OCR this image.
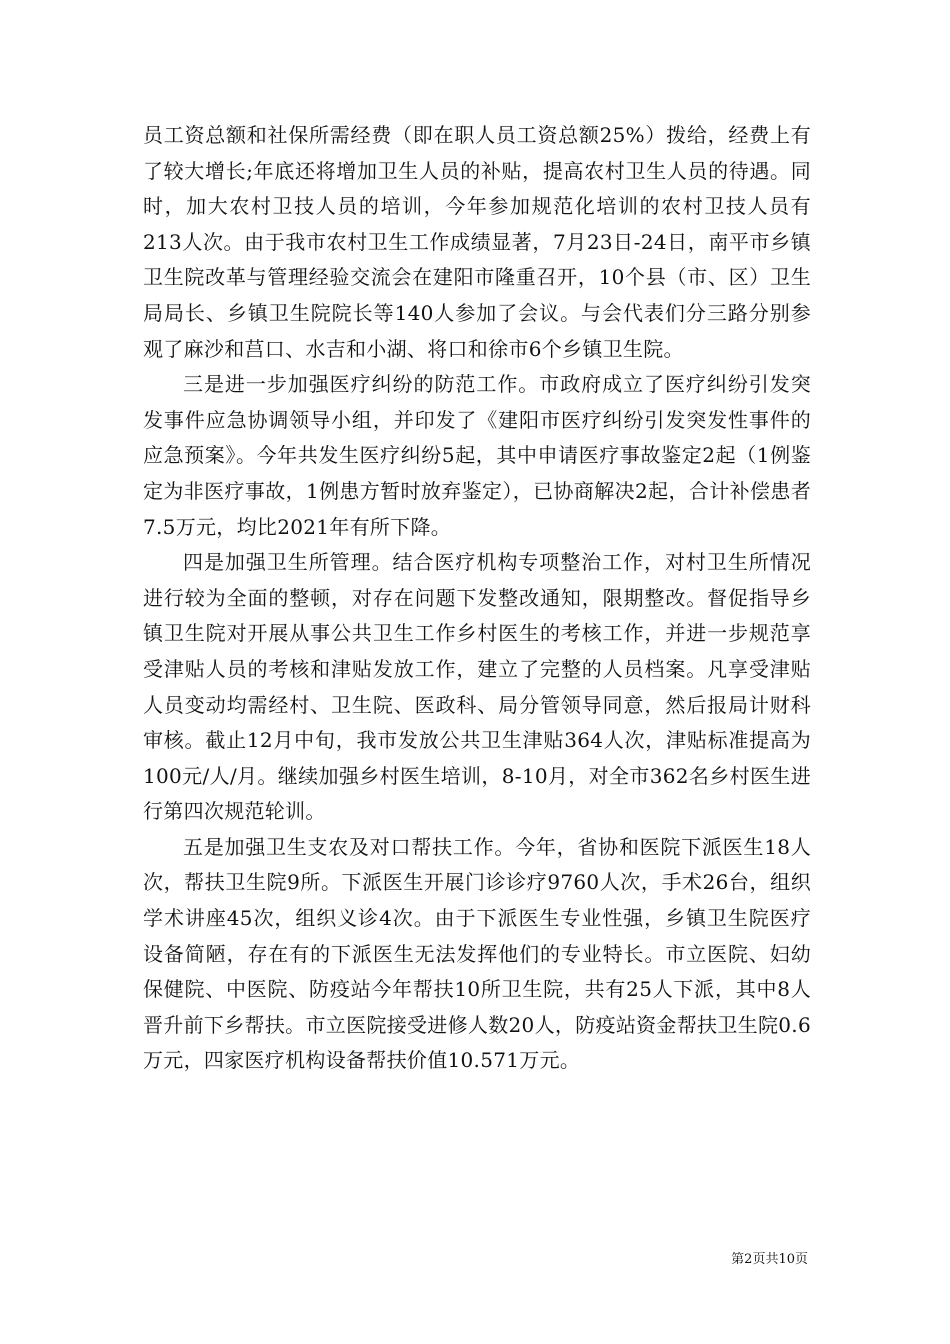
员工资总额和社保所需经费（即在职人员工资总额25%）拨给，经费上有了较大增长;年底还将增加卫生人员的补贴，提高农村卫生人员的待遇。同时，加大农村卫技人员的培训，今年参加规范化培训的农村卫技人员有213人次。由于我市农村卫生工作成绩显著，7月23日-24日，南平市乡镇卫生院改革与管理经验交流会在建阳市隆重召开，10个县（市、区）卫生局局长、乡镇卫生院院长等140人参加了会议。与会代表们分三路分别参观了麻沙和莒口、水吉和小湖、将口和徐市6个乡镇卫生院。

三是进一步加强医疗纠纷的防范工作。市政府成立了医疗纠纷引发突发事件应急协调领导小组，并印发了《建阳市医疗纠纷引发突发性事件的应急预案》。今年共发生医疗纠纷5起，其中申请医疗事故鉴定2起（1例鉴定为非医疗事故，1例患方暂时放弃鉴定），已协商解决2起，合计补偿患者7.5万元，均比2021年有所下降。

四是加强卫生所管理。结合医疗机构专项整治工作，对村卫生所情况进行较为全面的整顿，对存在问题下发整改通知，限期整改。督促指导乡镇卫生院对开展从事公共卫生工作乡村医生的考核工作，并进一步规范享受津贴人员的考核和津贴发放工作，建立了完整的人员档案。凡享受津贴人员变动均需经村、卫生院、医政科、局分管领导同意，然后报局计财科审核。截止12月中旬，我市发放公共卫生津贴364人次，津贴标准提高为100元/人/月。继续加强乡村医生培训，8-10月，对全市362名乡村医生进行第四次规范轮训。

五是加强卫生支农及对口帮扶工作。今年，省协和医院下派医生18人次，帮扶卫生院9所。下派医生开展门诊诊疗9760人次，手术26台，组织学术讲座45次，组织义诊4次。由于下派医生专业性强，乡镇卫生院医疗设备简陋，存在有的下派医生无法发挥他们的专业特长。市立医院、妇幼保健院、中医院、防疫站今年帮扶10所卫生院，共有25人下派，其中8人晋升前下乡帮扶。市立医院接受进修人数20人，防疫站资金帮扶卫生院0.6万元，四家医疗机构设备帮扶价值10.571万元。

第2页共10页
